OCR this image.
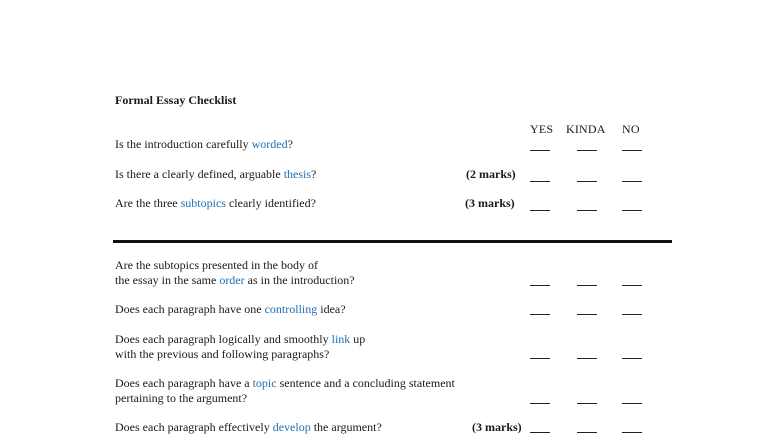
Formal Essay Checklist
YES KINDA NO
Is the introduction carefully worded?
Is there a clearly defined, arguable thesis?	(2 marks)
Are the three subtopics clearly identified?	(3 marks)
Are the subtopics presented in the body of
the essay in the same order as in the introduction?
Does each paragraph have one controlling idea?
Does each paragraph logically and smoothly link up
with the previous and following paragraphs?
Does each paragraph have a topic sentence and a concluding statement
pertaining to the argument?
Does each paragraph effectively develop the argument?	(3 marks)
